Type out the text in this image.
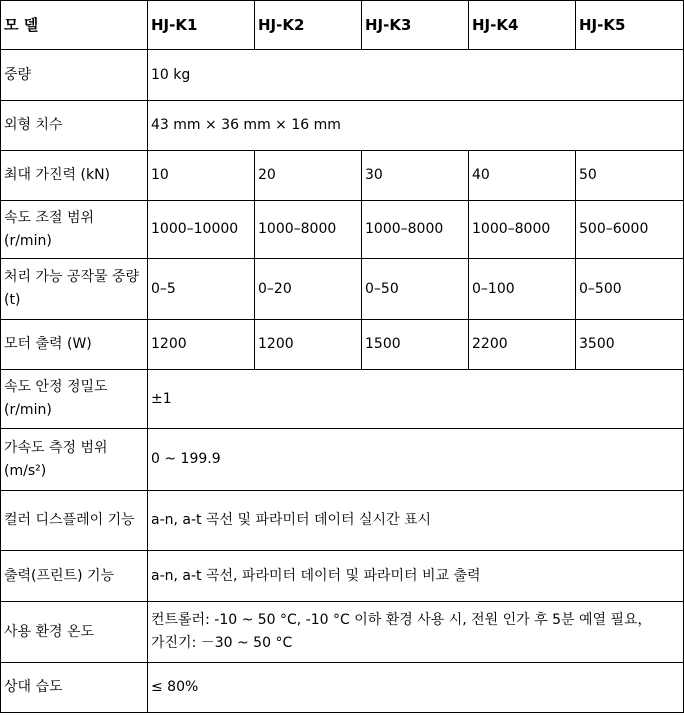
모 델	HJ-K1	HJ-K2	HJ-K3	HJ-K4	HJ-K5
중량	10 kg				
외형 치수	43 mm × 36 mm × 16 mm				
최대 가진력 (kN)	10	20	30	40	50
속도 조절 범위 (r/min)	1000–10000	1000–8000	1000–8000	1000–8000	500–6000
처리 가능 공작물 중량 (t)	0–5	0–20	0–50	0–100	0–500
모터 출력 (W)	1200	1200	1500	2200	3500
속도 안정 정밀도 (r/min)	±1				
가속도 측정 범위 (m/s²)	0 ~ 199.9				
컬러 디스플레이 기능	a-n, a-t 곡선 및 파라미터 데이터 실시간 표시				
출력(프린트) 기능	a-n, a-t 곡선, 파라미터 데이터 및 파라미터 비교 출력				
사용 환경 온도	컨트롤러: -10 ~ 50 °C, -10 °C 이하 환경 사용 시, 전원 인가 후 5분 예열 필요，가진기: －30 ~ 50 °C				
상대 습도	≤ 80%				
